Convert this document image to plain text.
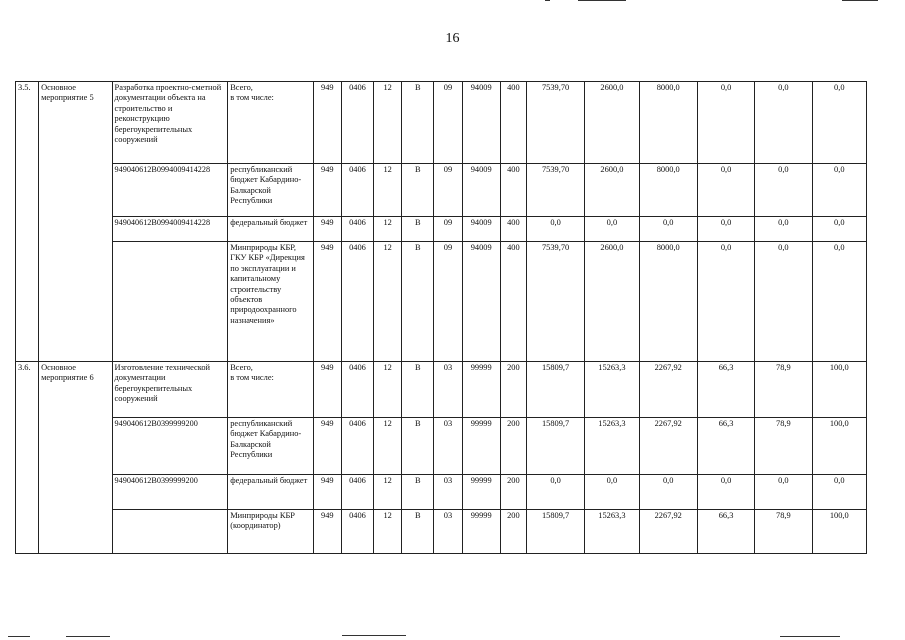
16
3.5.	Основное мероприятие 5	Разработка проектно-сметной документации объекта на строительство и реконструкцию берегоукрепительных сооружений	Всего,
в том числе:	949	0406	12	В	09	94009	400	7539,70	2600,0	8000,0	0,0	0,0	0,0
		949040612В0994009414228	республиканский бюджет Кабардино-Балкарской Республики	949	0406	12	В	09	94009	400	7539,70	2600,0	8000,0	0,0	0,0	0,0
		949040612В0994009414228	федеральный бюджет	949	0406	12	В	09	94009	400	0,0	0,0	0,0	0,0	0,0	0,0
			Минприроды КБР,
ГКУ КБР «Дирекция
по эксплуатации и капитальному строительству объектов природоохранного назначения»	949	0406	12	В	09	94009	400	7539,70	2600,0	8000,0	0,0	0,0	0,0
3.6.	Основное мероприятие 6	Изготовление технической документации берегоукрепительных сооружений	Всего,
в том числе:	949	0406	12	В	03	99999	200	15809,7	15263,3	2267,92	66,3	78,9	100,0
		949040612В0399999200	республиканский бюджет Кабардино-Балкарской Республики	949	0406	12	В	03	99999	200	15809,7	15263,3	2267,92	66,3	78,9	100,0
		949040612В0399999200	федеральный бюджет	949	0406	12	В	03	99999	200	0,0	0,0	0,0	0,0	0,0	0,0
			Минприроды КБР
(координатор)	949	0406	12	В	03	99999	200	15809,7	15263,3	2267,92	66,3	78,9	100,0
